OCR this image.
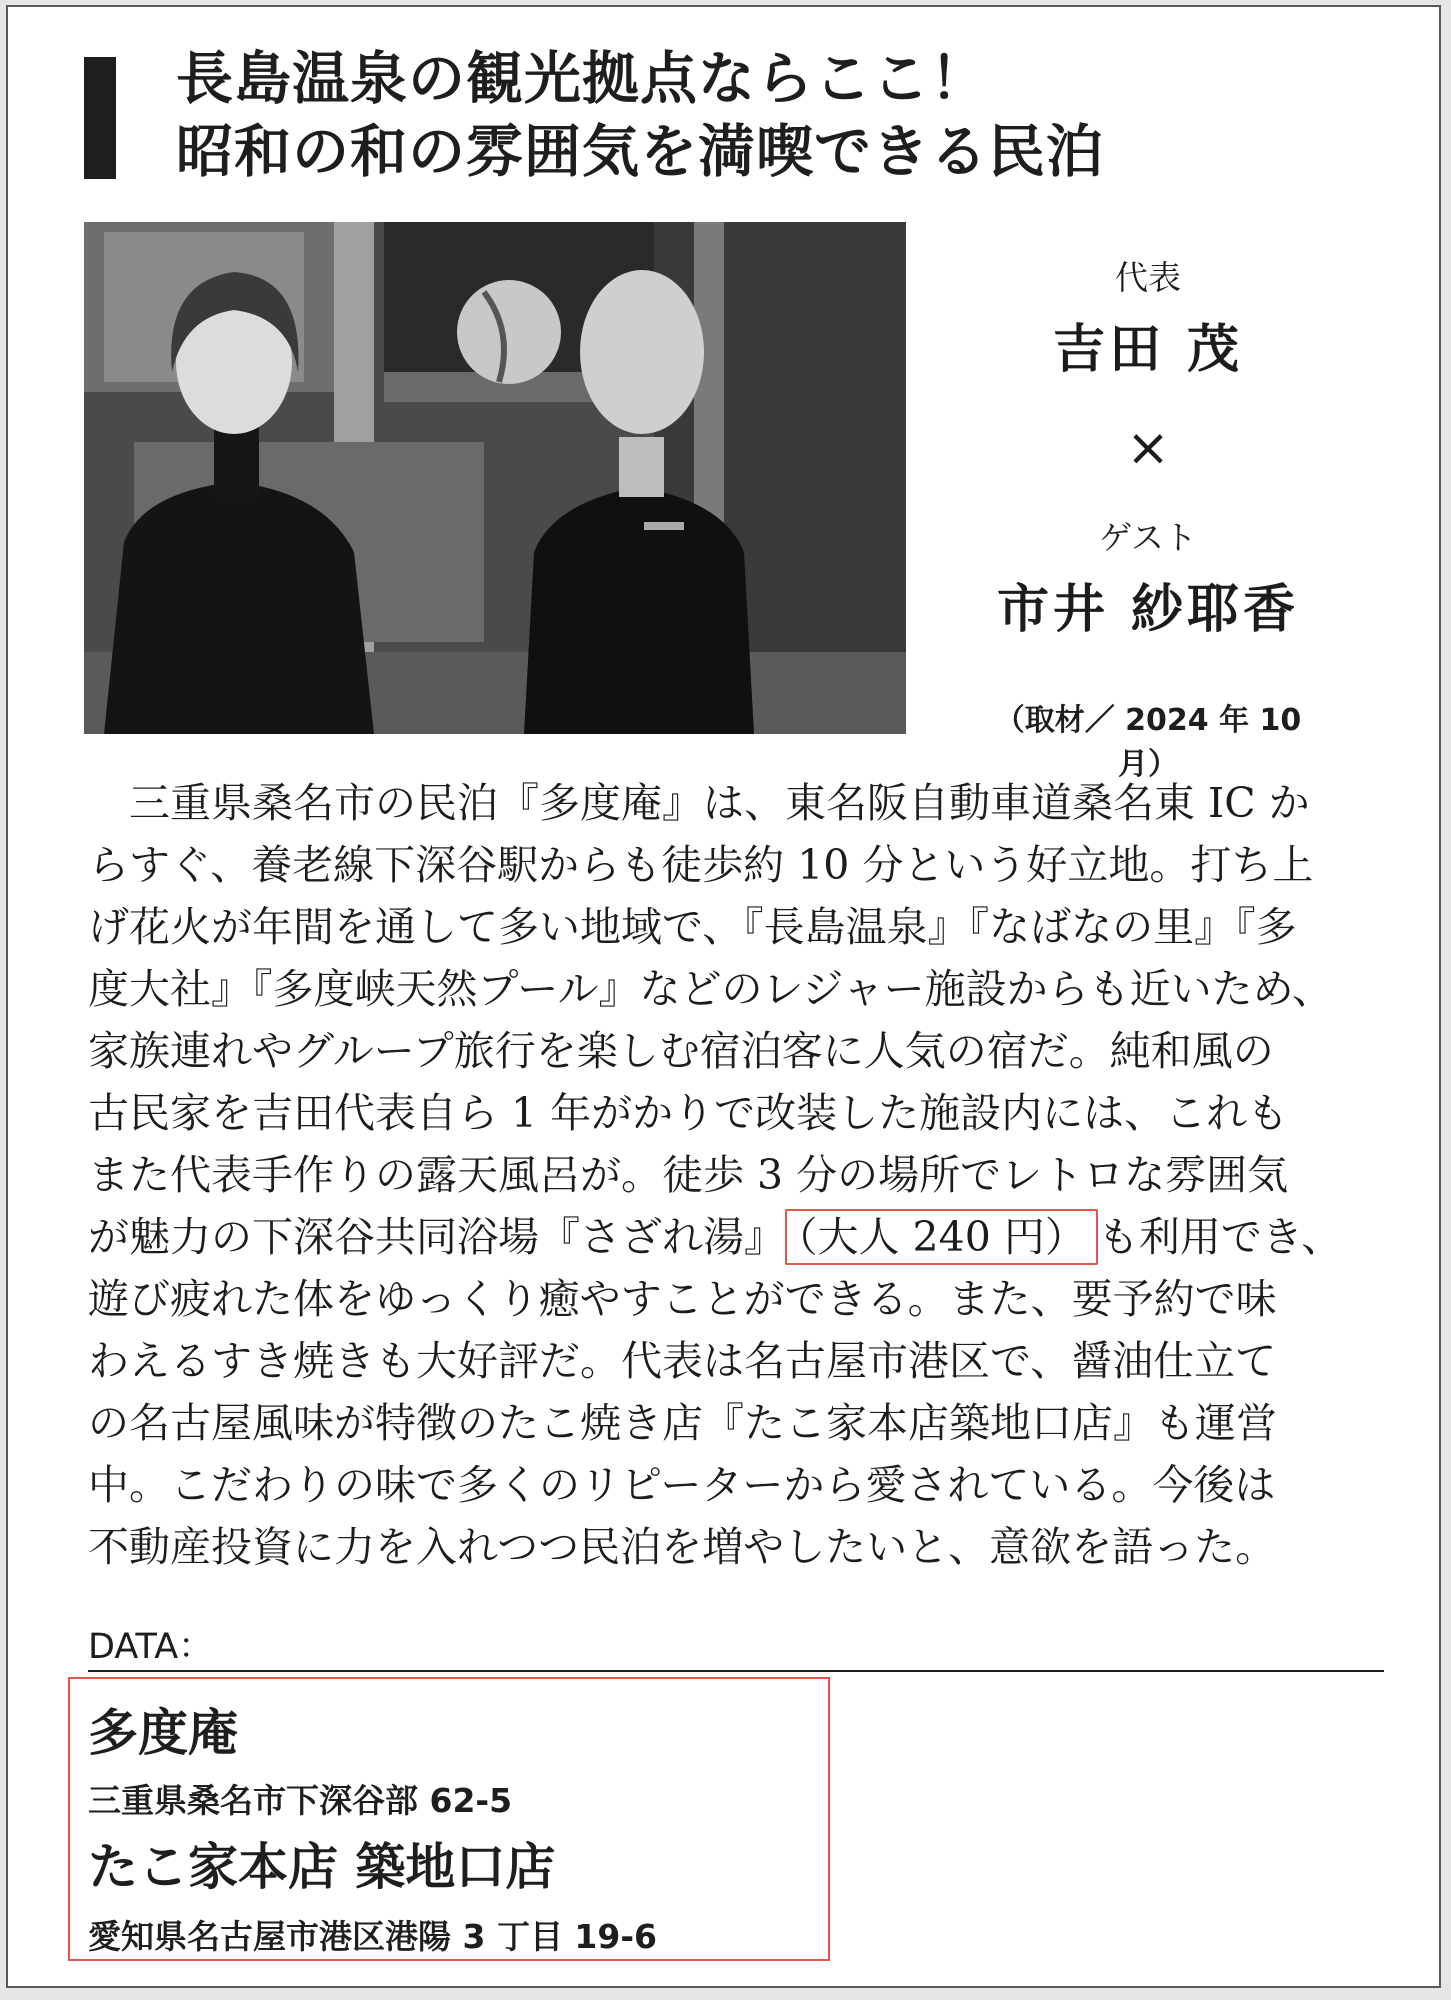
長島温泉の観光拠点ならここ！
昭和の和の雰囲気を満喫できる民泊
代表
吉田 茂
×
ゲスト
市井 紗耶香
（取材／ 2024 年 10 月）
　三重県桑名市の民泊『多度庵』は、東名阪自動車道桑名東 IC か
らすぐ、養老線下深谷駅からも徒歩約 10 分という好立地。打ち上
げ花火が年間を通して多い地域で、『長島温泉』『なばなの里』『多
度大社』『多度峡天然プール』などのレジャー施設からも近いため、
家族連れやグループ旅行を楽しむ宿泊客に人気の宿だ。純和風の
古民家を吉田代表自ら 1 年がかりで改装した施設内には、これも
また代表手作りの露天風呂が。徒歩 3 分の場所でレトロな雰囲気
が魅力の下深谷共同浴場『さざれ湯』 （大人 240 円） も利用でき、
遊び疲れた体をゆっくり癒やすことができる。また、要予約で味
わえるすき焼きも大好評だ。代表は名古屋市港区で、醤油仕立て
の名古屋風味が特徴のたこ焼き店『たこ家本店築地口店』も運営
中。こだわりの味で多くのリピーターから愛されている。今後は
不動産投資に力を入れつつ民泊を増やしたいと、意欲を語った。
DATA：
多度庵
三重県桑名市下深谷部 62-5
たこ家本店 築地口店
愛知県名古屋市港区港陽 3 丁目 19-6
